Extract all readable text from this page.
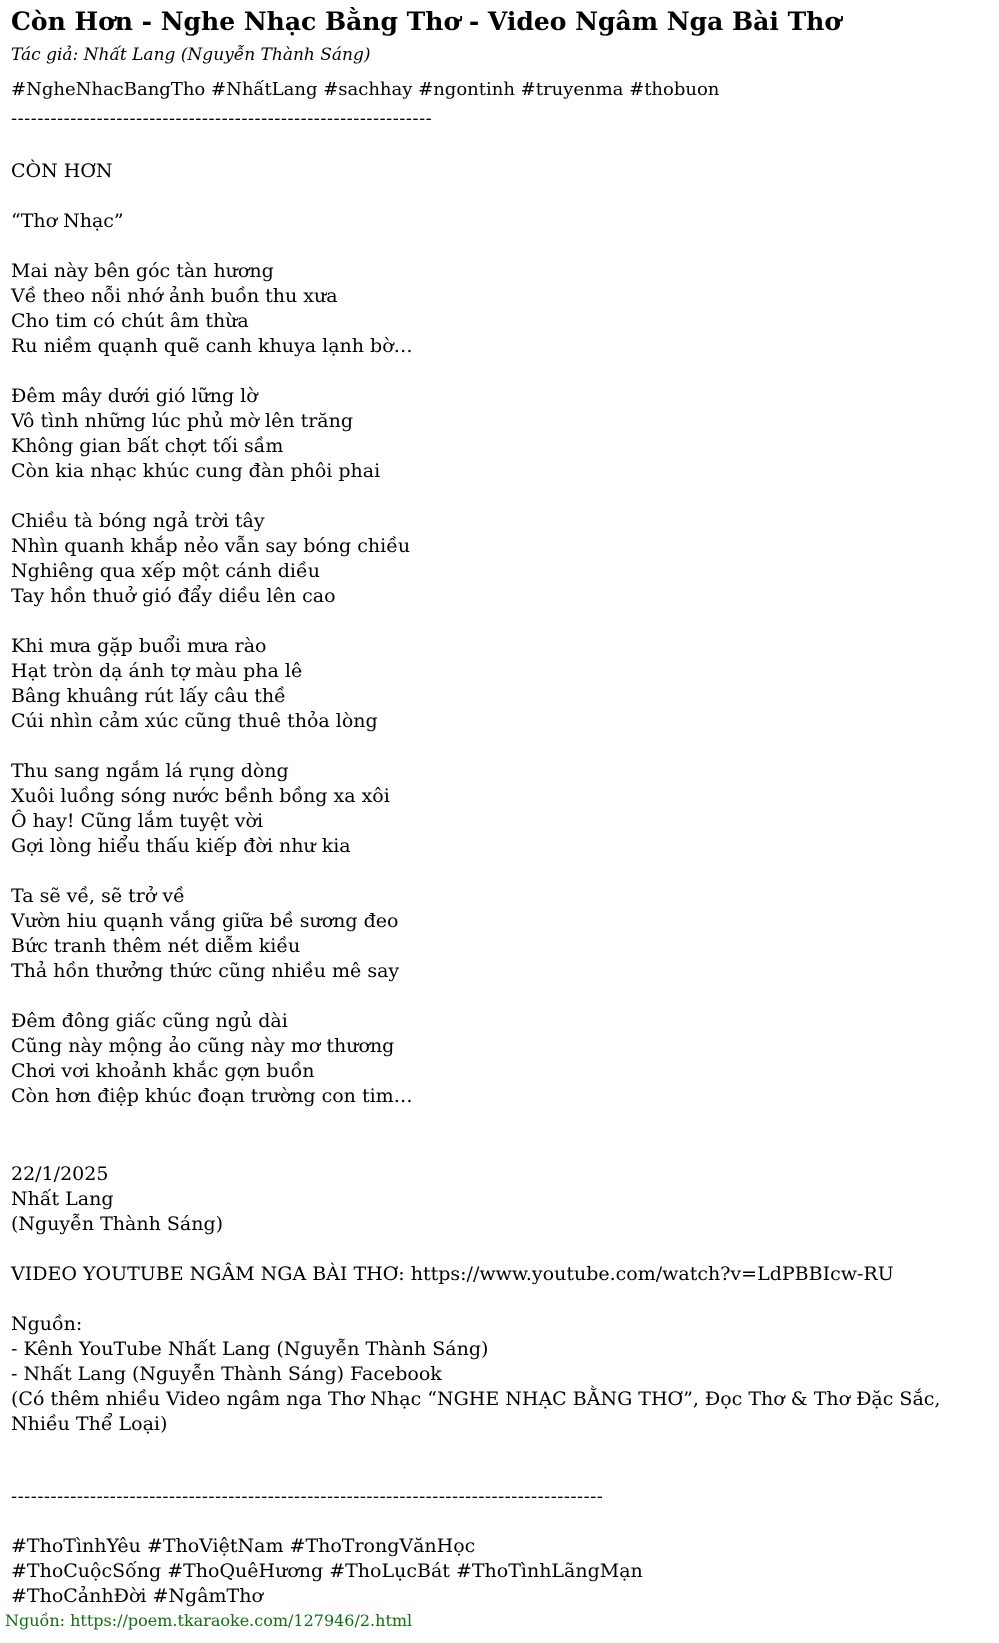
Còn Hơn - Nghe Nhạc Bằng Thơ - Video Ngâm Nga Bài Thơ
Tác giả: Nhất Lang (Nguyễn Thành Sáng)
#NgheNhacBangTho #NhấtLang #sachhay #ngontinh #truyenma #thobuon
----------------------------------------------------------------
CÒN HƠN
“Thơ Nhạc”
Mai này bên góc tàn hương
Về theo nỗi nhớ ảnh buồn thu xưa
Cho tim có chút âm thừa
Ru niềm quạnh quẽ canh khuya lạnh bờ…
Đêm mây dưới gió lững lờ
Vô tình những lúc phủ mờ lên trăng
Không gian bất chợt tối sầm
Còn kia nhạc khúc cung đàn phôi phai
Chiều tà bóng ngả trời tây
Nhìn quanh khắp nẻo vẫn say bóng chiều
Nghiêng qua xếp một cánh diều
Tay hồn thuở gió đẩy diều lên cao
Khi mưa gặp buổi mưa rào
Hạt tròn dạ ánh tợ màu pha lê
Bâng khuâng rút lấy câu thề
Cúi nhìn cảm xúc cũng thuê thỏa lòng
Thu sang ngắm lá rụng dòng
Xuôi luồng sóng nước bềnh bồng xa xôi
Ô hay! Cũng lắm tuyệt vời
Gợi lòng hiểu thấu kiếp đời như kia
Ta sẽ về, sẽ trở về
Vườn hiu quạnh vắng giữa bề sương đeo
Bức tranh thêm nét diễm kiều
Thả hồn thưởng thức cũng nhiều mê say
Đêm đông giấc cũng ngủ dài
Cũng này mộng ảo cũng này mơ thương
Chơi vơi khoảnh khắc gợn buồn
Còn hơn điệp khúc đoạn trường con tim…
22/1/2025
Nhất Lang
(Nguyễn Thành Sáng)
VIDEO YOUTUBE NGÂM NGA BÀI THƠ: https://www.youtube.com/watch?v=LdPBBIcw-RU
Nguồn:
- Kênh YouTube Nhất Lang (Nguyễn Thành Sáng)
- Nhất Lang (Nguyễn Thành Sáng) Facebook
(Có thêm nhiều Video ngâm nga Thơ Nhạc “NGHE NHẠC BẰNG THƠ”, Đọc Thơ & Thơ Đặc Sắc, Nhiều Thể Loại)
------------------------------------------------------------------------------------------
#ThoTìnhYêu #ThoViệtNam #ThoTrongVănHọc
#ThoCuộcSống #ThoQuêHương #ThoLụcBát #ThoTìnhLãngMạn
#ThoCảnhĐời #NgâmThơ
Nguồn: https://poem.tkaraoke.com/127946/2.html
